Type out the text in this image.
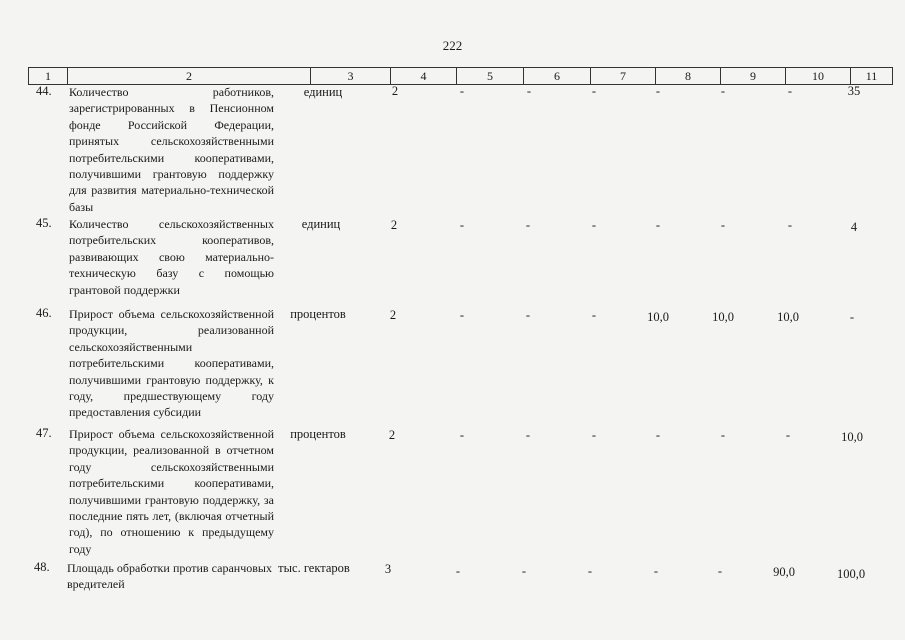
222
1	2	3	4	5	6	7	8	9	10	11
44. Количество работников, зарегистрированных в Пенсионном фонде Российской Федерации, принятых сельскохозяйственными потребительскими кооперативами, получившими грантовую поддержку для развития материально-технической базы
единиц	2	-	-	-	-	-	-	35
45. Количество сельскохозяйственных потребительских кооперативов, развивающих свою материально-техническую базу с помощью грантовой поддержки
единиц	2	-	-	-	-	-	-	4
46. Прирост объема сельскохозяйственной продукции, реализованной сельскохозяйственными потребительскими кооперативами, получившими грантовую поддержку, к году, предшествующему году предоставления субсидии
процентов	2	-	-	-	10,0	10,0	10,0	-
47. Прирост объема сельскохозяйственной продукции, реализованной в отчетном году сельскохозяйственными потребительскими кооперативами, получившими грантовую поддержку, за последние пять лет, (включая отчетный год), по отношению к предыдущему году
процентов	2	-	-	-	-	-	-	10,0
48. Площадь обработки против саранчовых вредителей
тыс. гектаров	3	-	-	-	-	-	90,0	100,0
